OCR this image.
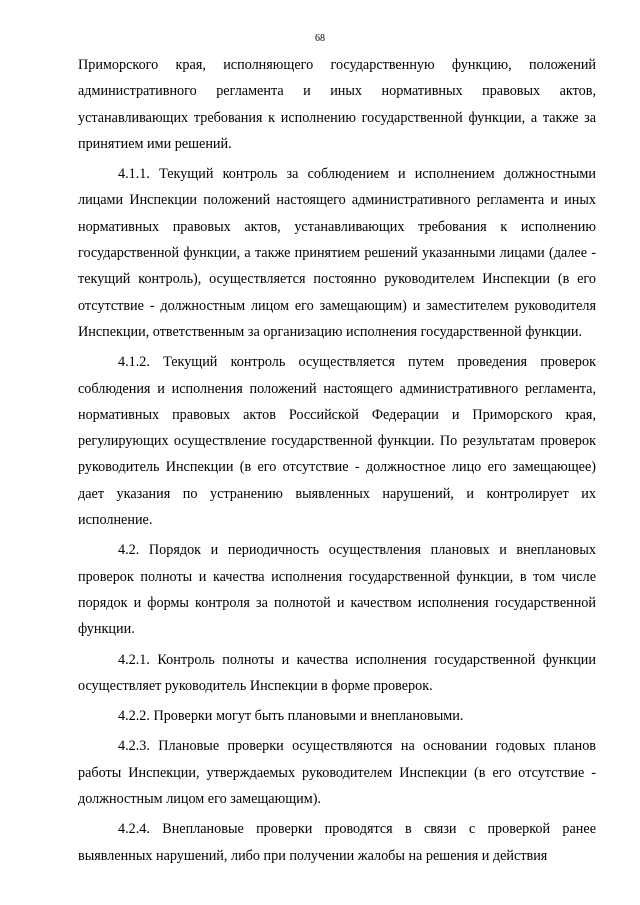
68

Приморского края, исполняющего государственную функцию, положений административного регламента и иных нормативных правовых актов, устанавливающих требования к исполнению государственной функции, а также за принятием ими решений.

4.1.1. Текущий контроль за соблюдением и исполнением должностными лицами Инспекции положений настоящего административного регламента и иных нормативных правовых актов, устанавливающих требования к исполнению государственной функции, а также принятием решений указанными лицами (далее - текущий контроль), осуществляется постоянно руководителем Инспекции (в его отсутствие - должностным лицом его замещающим) и заместителем руководителя Инспекции, ответственным за организацию исполнения государственной функции.

4.1.2. Текущий контроль осуществляется путем проведения проверок соблюдения и исполнения положений настоящего административного регламента, нормативных правовых актов Российской Федерации и Приморского края, регулирующих осуществление государственной функции. По результатам проверок руководитель Инспекции (в его отсутствие - должностное лицо его замещающее) дает указания по устранению выявленных нарушений, и контролирует их исполнение.

4.2. Порядок и периодичность осуществления плановых и внеплановых проверок полноты и качества исполнения государственной функции, в том числе порядок и формы контроля за полнотой и качеством исполнения государственной функции.

4.2.1. Контроль полноты и качества исполнения государственной функции осуществляет руководитель Инспекции в форме проверок.

4.2.2. Проверки могут быть плановыми и внеплановыми.

4.2.3. Плановые проверки осуществляются на основании годовых планов работы Инспекции, утверждаемых руководителем Инспекции (в его отсутствие - должностным лицом его замещающим).

4.2.4. Внеплановые проверки проводятся в связи с проверкой ранее выявленных нарушений, либо при получении жалобы на решения и действия
